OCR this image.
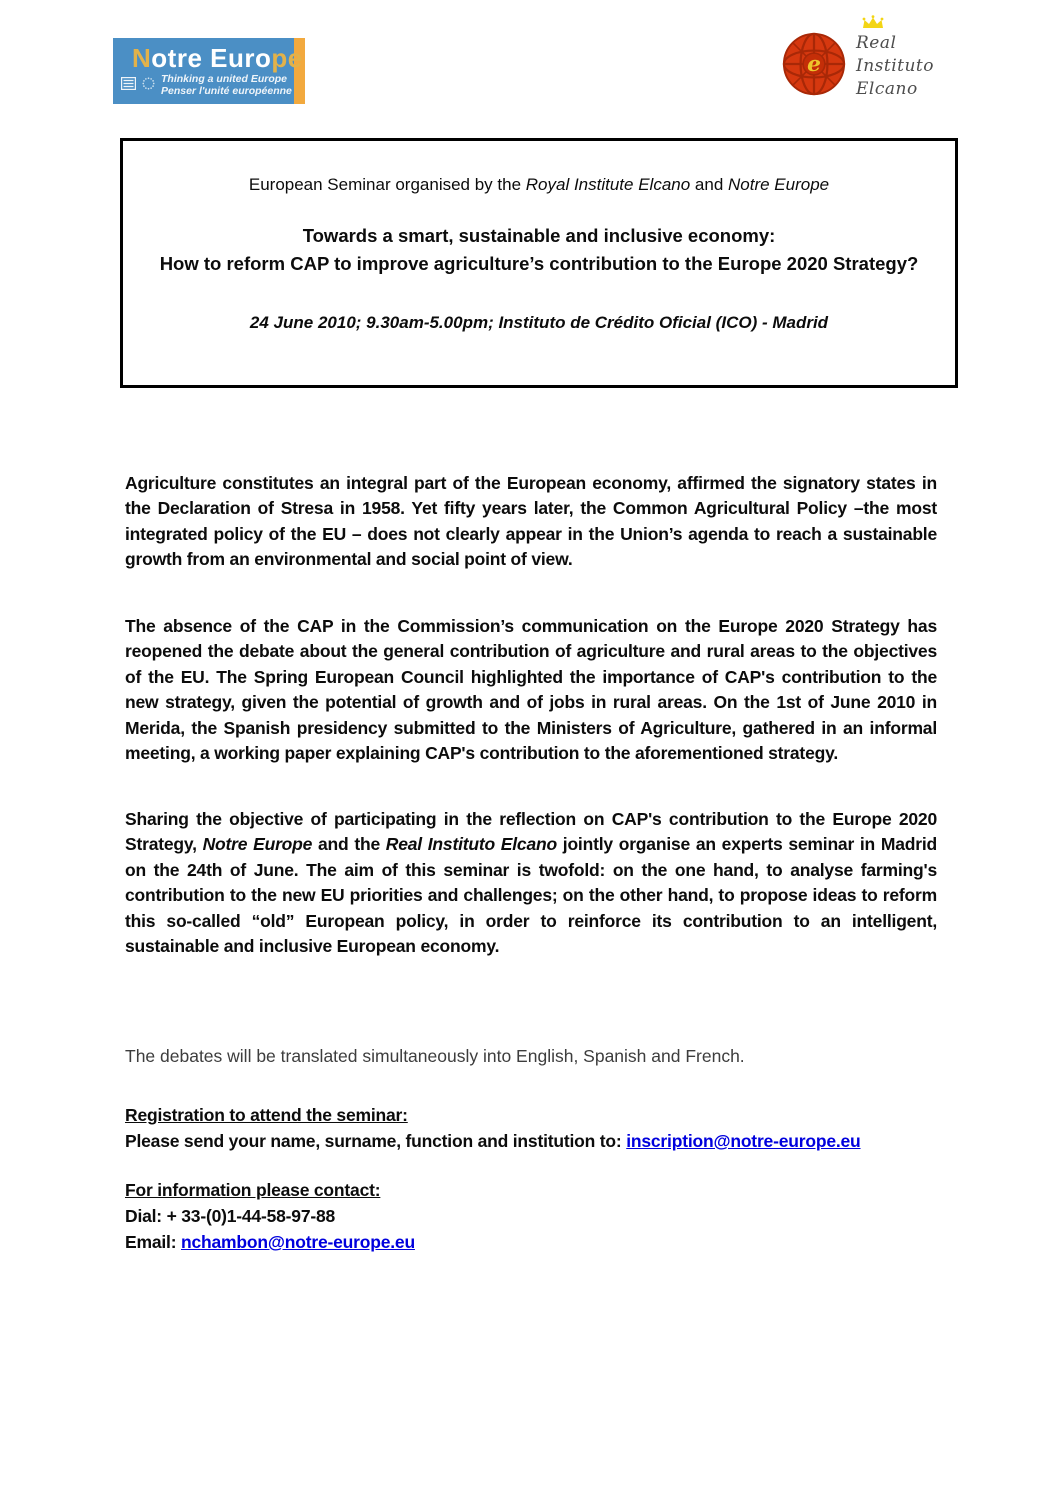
Notre Europe
Thinking a united Europe
Penser l'unité européenne
e
Real
Instituto
Elcano
European Seminar organised by the Royal Institute Elcano and Notre Europe
Towards a smart, sustainable and inclusive economy:
How to reform CAP to improve agriculture’s contribution to the Europe 2020 Strategy?
24 June 2010; 9.30am-5.00pm; Instituto de Crédito Oficial (ICO) - Madrid

Agriculture constitutes an integral part of the European economy, affirmed the signatory states in the Declaration of Stresa in 1958. Yet fifty years later, the Common Agricultural Policy –the most integrated policy of the EU – does not clearly appear in the Union’s agenda to reach a sustainable growth from an environmental and social point of view.

The absence of the CAP in the Commission’s communication on the Europe 2020 Strategy has reopened the debate about the general contribution of agriculture and rural areas to the objectives of the EU. The Spring European Council highlighted the importance of CAP's contribution to the new strategy, given the potential of growth and of jobs in rural areas. On the 1st of June 2010 in Merida, the Spanish presidency submitted to the Ministers of Agriculture, gathered in an informal meeting, a working paper explaining CAP's contribution to the aforementioned strategy.

Sharing the objective of participating in the reflection on CAP's contribution to the Europe 2020 Strategy, Notre Europe and the Real Instituto Elcano jointly organise an experts seminar in Madrid on the 24th of June. The aim of this seminar is twofold: on the one hand, to analyse farming's contribution to the new EU priorities and challenges; on the other hand, to propose ideas to reform this so-called “old” European policy, in order to reinforce its contribution to an intelligent, sustainable and inclusive European economy.

The debates will be translated simultaneously into English, Spanish and French.

Registration to attend the seminar:
Please send your name, surname, function and institution to: inscription@notre-europe.eu
For information please contact:
Dial: + 33-(0)1-44-58-97-88
Email: nchambon@notre-europe.eu
